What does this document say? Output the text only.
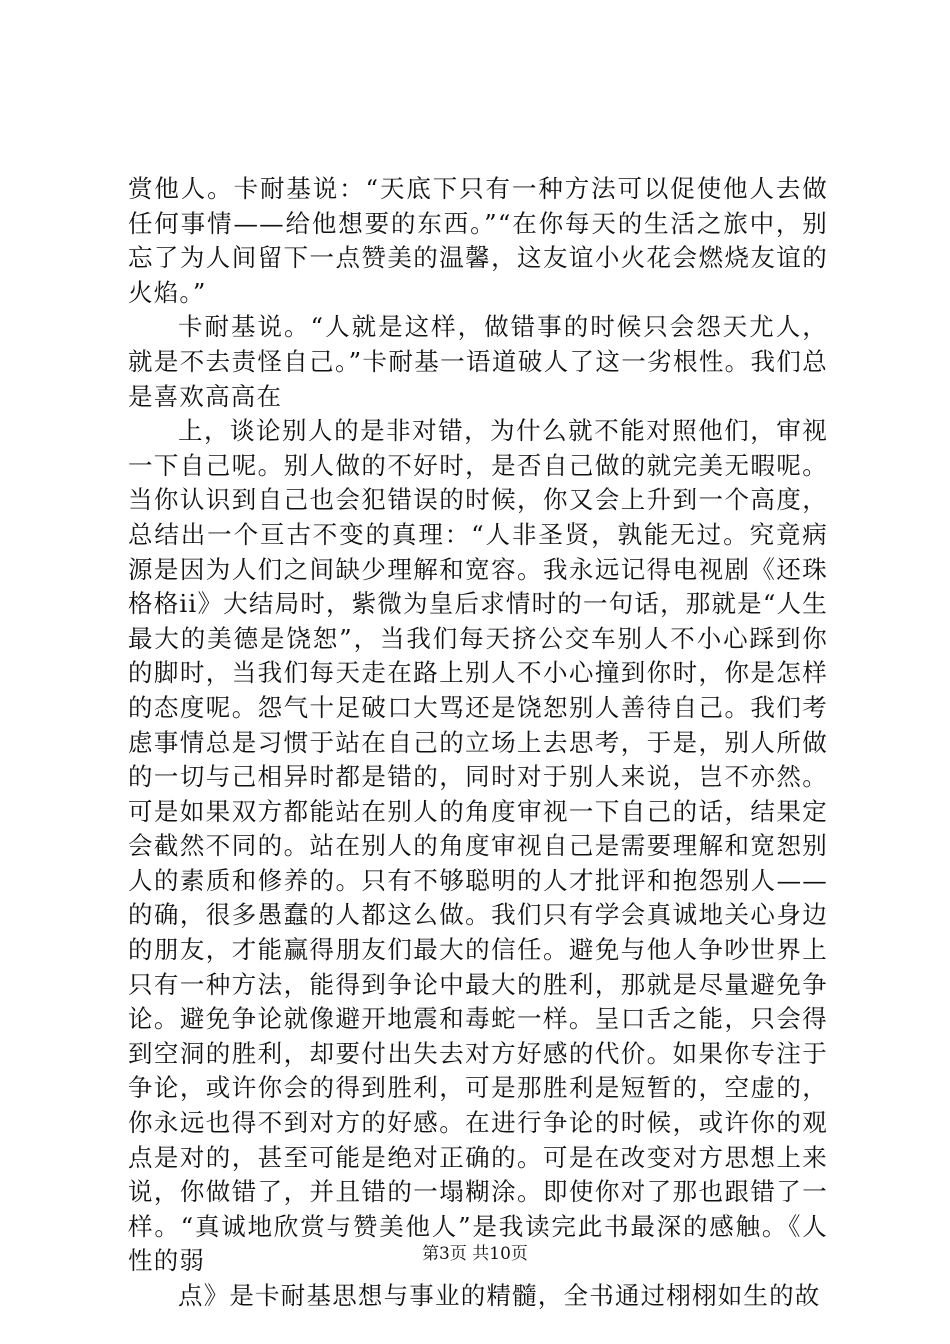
赏他人。卡耐基说：“天底下只有一种方法可以促使他人去做任何事情——给他想要的东西。”“在你每天的生活之旅中，别忘了为人间留下一点赞美的温馨，这友谊小火花会燃烧友谊的火焰。”

卡耐基说。“人就是这样，做错事的时候只会怨天尤人，就是不去责怪自己。”卡耐基一语道破人了这一劣根性。我们总是喜欢高高在

上，谈论别人的是非对错，为什么就不能对照他们，审视一下自己呢。别人做的不好时，是否自己做的就完美无暇呢。当你认识到自己也会犯错误的时候，你又会上升到一个高度，总结出一个亘古不变的真理：“人非圣贤，孰能无过。究竟病源是因为人们之间缺少理解和宽容。我永远记得电视剧《还珠格格ii》大结局时，紫微为皇后求情时的一句话，那就是“人生最大的美德是饶恕”，当我们每天挤公交车别人不小心踩到你的脚时，当我们每天走在路上别人不小心撞到你时，你是怎样的态度呢。怨气十足破口大骂还是饶恕别人善待自己。我们考虑事情总是习惯于站在自己的立场上去思考，于是，别人所做的一切与己相异时都是错的，同时对于别人来说，岂不亦然。可是如果双方都能站在别人的角度审视一下自己的话，结果定会截然不同的。站在别人的角度审视自己是需要理解和宽恕别人的素质和修养的。只有不够聪明的人才批评和抱怨别人——的确，很多愚蠢的人都这么做。我们只有学会真诚地关心身边的朋友，才能赢得朋友们最大的信任。避免与他人争吵世界上只有一种方法，能得到争论中最大的胜利，那就是尽量避免争论。避免争论就像避开地震和毒蛇一样。呈口舌之能，只会得到空洞的胜利，却要付出失去对方好感的代价。如果你专注于争论，或许你会的得到胜利，可是那胜利是短暂的，空虚的，你永远也得不到对方的好感。在进行争论的时候，或许你的观点是对的，甚至可能是绝对正确的。可是在改变对方思想上来说，你做错了，并且错的一塌糊涂。即使你对了那也跟错了一样。“真诚地欣赏与赞美他人”是我读完此书最深的感触。《人性的弱

点》是卡耐基思想与事业的精髓，全书通过栩栩如生的故

第3页 共10页
